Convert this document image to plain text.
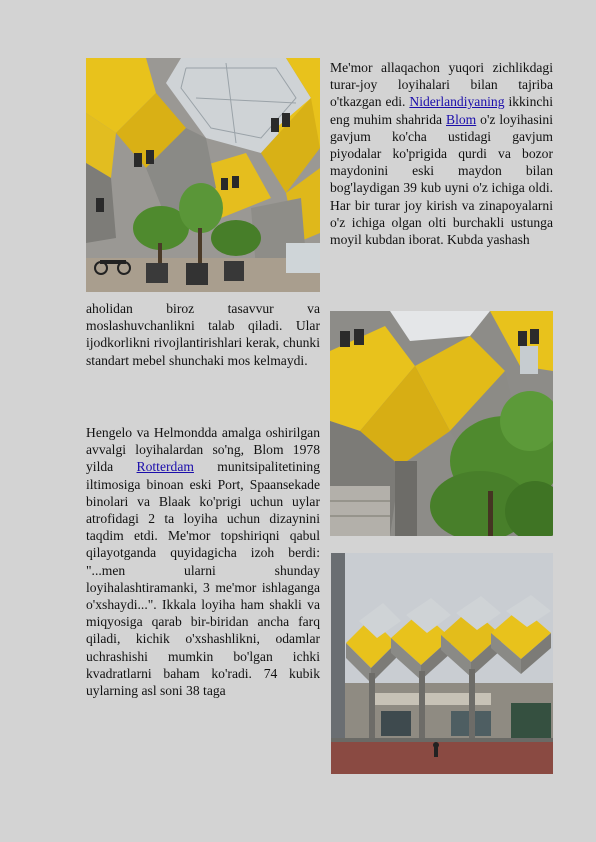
Me'mor allaqachon yuqori zichlikdagi turar-joy loyihalari bilan tajriba o'tkazgan edi. Niderlandiyaning ikkinchi eng muhim shahrida Blom o'z loyihasini gavjum ko'cha ustidagi gavjum piyodalar ko'prigida qurdi va bozor maydonini eski maydon bilan bog'laydigan 39 kub uyni o'z ichiga oldi. Har bir turar joy kirish va zinapoyalarni o'z ichiga olgan olti burchakli ustunga moyil kubdan iborat. Kubda yashash

aholidan biroz tasavvur va moslashuvchanlikni talab qiladi. Ular ijodkorlikni rivojlantirishlari kerak, chunki standart mebel shunchaki mos kelmaydi.

Hengelo va Helmondda amalga oshirilgan avvalgi loyihalardan so'ng, Blom 1978 yilda Rotterdam munitsipalitetining iltimosiga binoan eski Port, Spaansekade binolari va Blaak ko'prigi uchun uylar atrofidagi 2 ta loyiha uchun dizaynini taqdim etdi. Me'mor topshiriqni qabul qilayotganda quyidagicha izoh berdi: "...men ularni shunday loyihalashtiramanki, 3 me'mor ishlaganga o'xshaydi...". Ikkala loyiha ham shakli va miqyosiga qarab bir-biridan ancha farq qiladi, kichik o'xshashlikni, odamlar uchrashishi mumkin bo'lgan ichki kvadratlarni baham ko'radi. 74 kubik uylarning asl soni 38 taga
